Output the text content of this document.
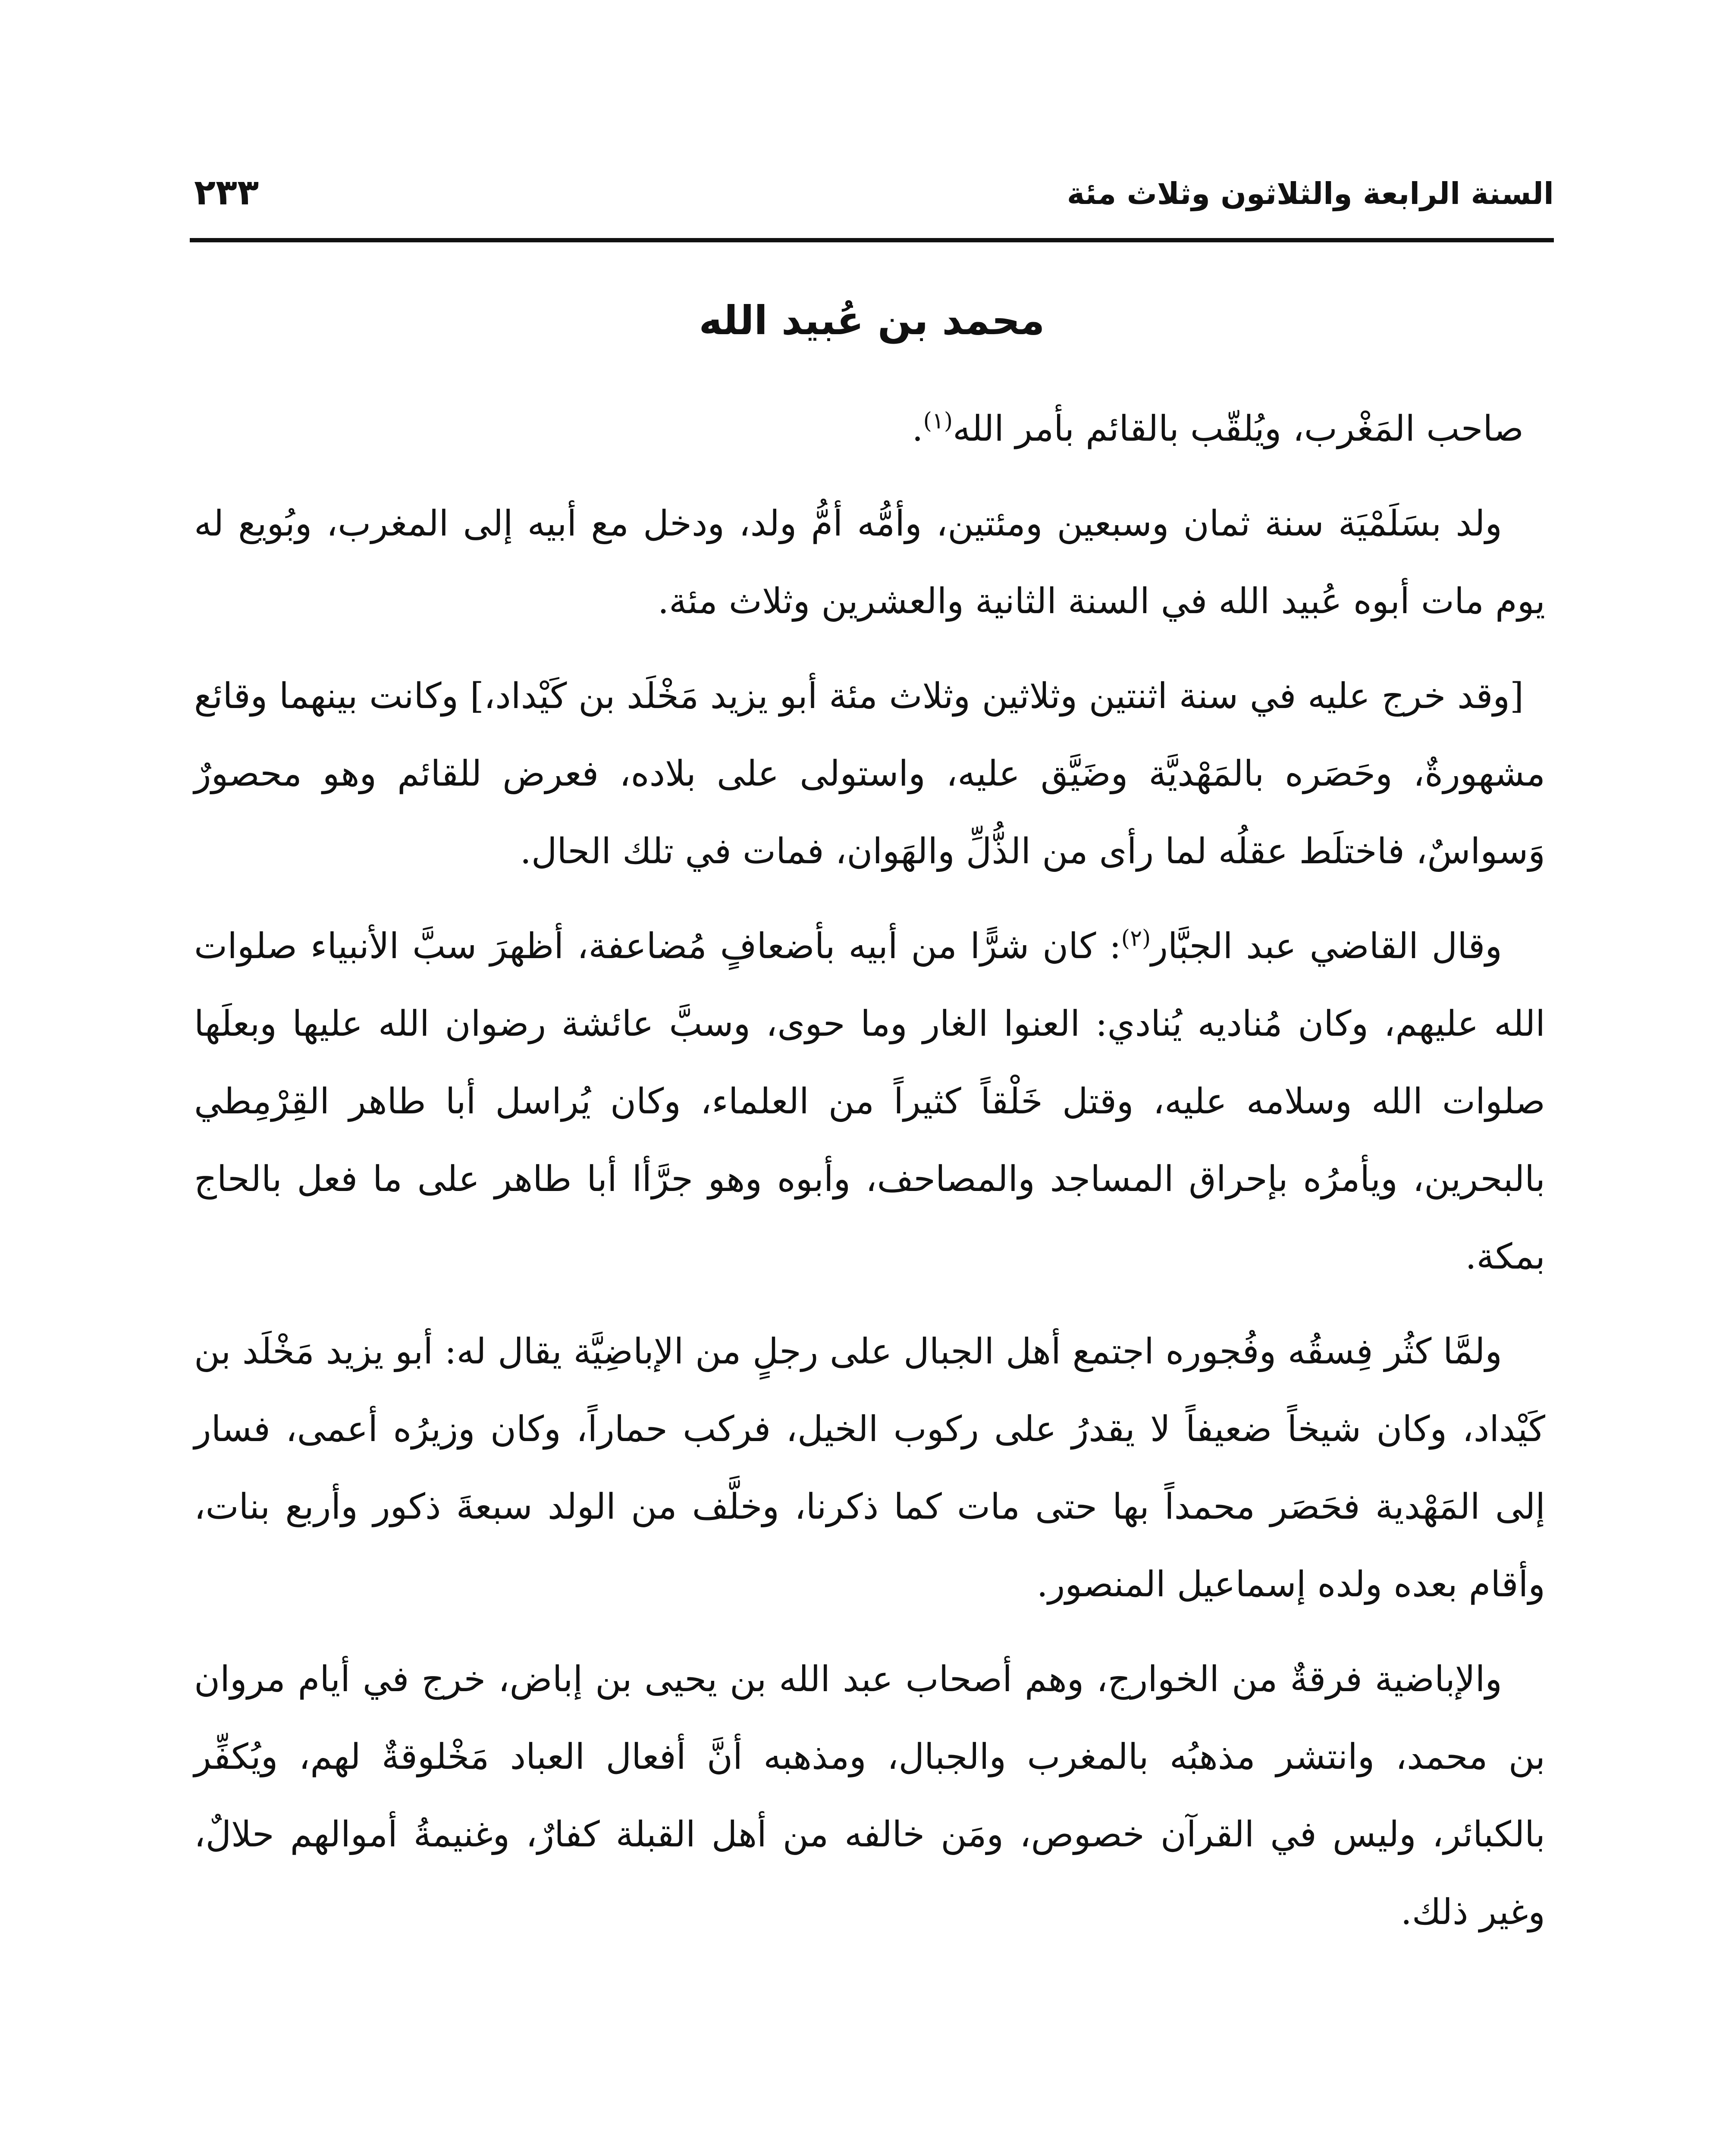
السنة الرابعة والثلاثون وثلاث مئة
٢٣٣
محمد بن عُبيد الله

صاحب المَغْرب، ويُلقّب بالقائم بأمر الله$^{(١)}$.

ولد بسَلَمْيَة سنة ثمان وسبعين ومئتين، وأمُّه أمُّ ولد، ودخل مع أبيه إلى المغرب، وبُويع له يوم مات أبوه عُبيد الله في السنة الثانية والعشرين وثلاث مئة.

[وقد خرج عليه في سنة اثنتين وثلاثين وثلاث مئة أبو يزيد مَخْلَد بن كَيْداد،] وكانت بينهما وقائع مشهورةٌ، وحَصَره بالمَهْديَّة وضَيَّق عليه، واستولى على بلاده، فعرض للقائم وهو محصورٌ وَسواسٌ، فاختلَط عقلُه لما رأى من الذُّلِّ والهَوان، فمات في تلك الحال.

وقال القاضي عبد الجبَّار$^{(٢)}$: كان شرًّا من أبيه بأضعافٍ مُضاعفة، أظهرَ سبَّ الأنبياء صلوات الله عليهم، وكان مُناديه يُنادي: العنوا الغار وما حوى، وسبَّ عائشة رضوان الله عليها وبعلَها صلوات الله وسلامه عليه، وقتل خَلْقاً كثيراً من العلماء، وكان يُراسل أبا طاهر القِرْمِطي بالبحرين، ويأمرُه بإحراق المساجد والمصاحف، وأبوه وهو جرَّأا أبا طاهر على ما فعل بالحاج بمكة.

ولمَّا كثُر فِسقُه وفُجوره اجتمع أهل الجبال على رجلٍ من الإباضِيَّة يقال له: أبو يزيد مَخْلَد بن كَيْداد، وكان شيخاً ضعيفاً لا يقدرُ على ركوب الخيل، فركب حماراً، وكان وزيرُه أعمى، فسار إلى المَهْدية فحَصَر محمداً بها حتى مات كما ذكرنا، وخلَّف من الولد سبعةَ ذكور وأربع بنات، وأقام بعده ولده إسماعيل المنصور.

والإباضية فرقةٌ من الخوارج، وهم أصحاب عبد الله بن يحيى بن إباض، خرج في أيام مروان بن محمد، وانتشر مذهبُه بالمغرب والجبال، ومذهبه أنَّ أفعال العباد مَخْلوقةٌ لهم، ويُكفِّر بالكبائر، وليس في القرآن خصوص، ومَن خالفه من أهل القبلة كفارٌ، وغنيمةُ أموالهم حلالٌ، وغير ذلك.
